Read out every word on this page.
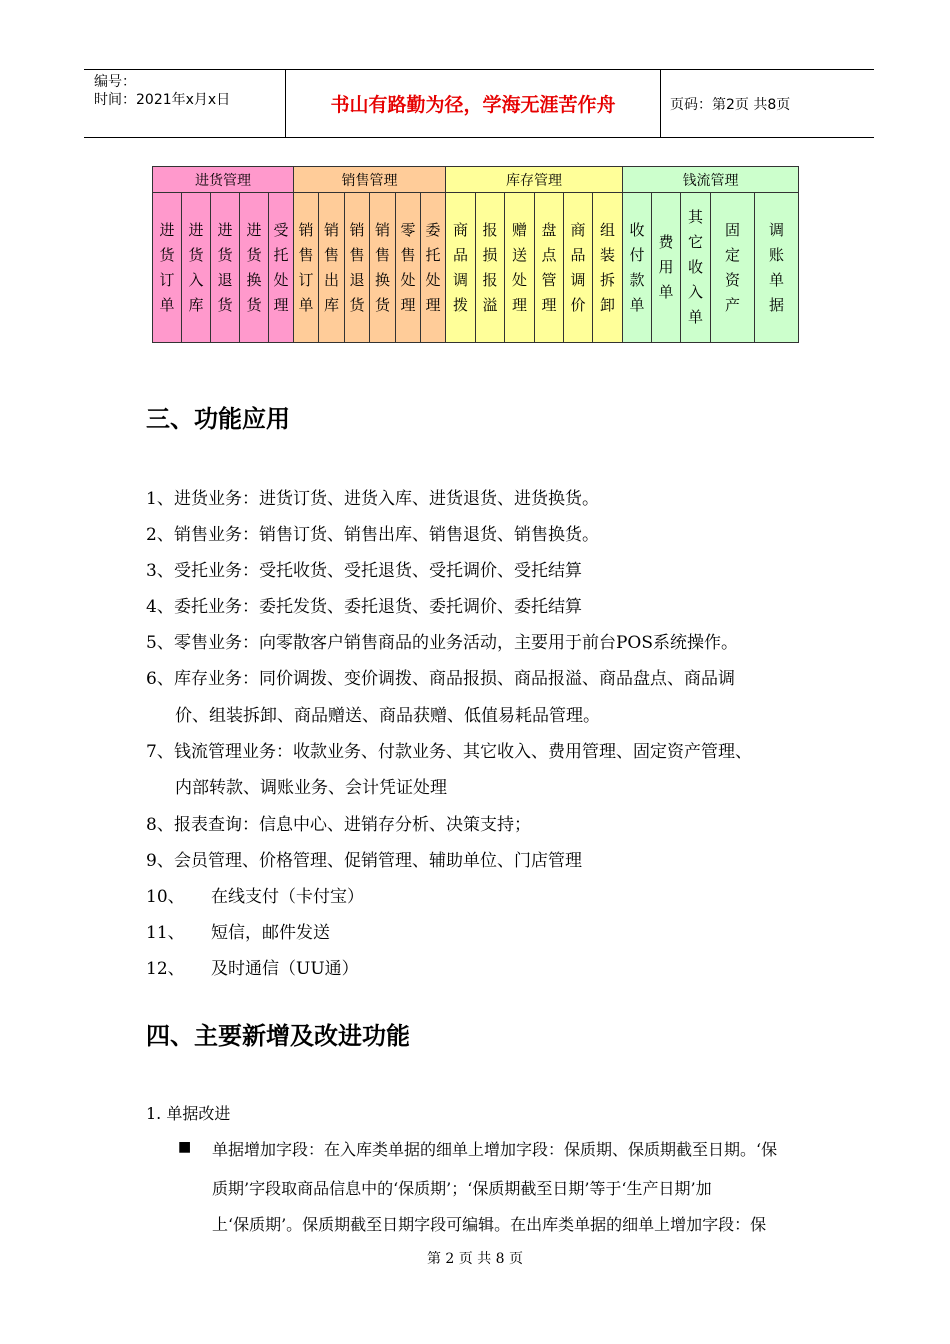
编号：
时间：2021年x月x日	书山有路勤为径，学海无涯苦作舟	页码：第2页 共8页
进货管理					销售管理						库存管理						钱流管理				
进货订单	进货入库	进货退货	进货换货	受托处理	销售订单	销售出库	销售退货	销售换货	零售处理	委托处理	商品调拨	报损报溢	赠送处理	盘点管理	商品调价	组装拆卸	收付款单	费用单	其它收入单	固定资产	调账单据
三、功能应用
1、进货业务：进货订货、进货入库、进货退货、进货换货。
2、销售业务：销售订货、销售出库、销售退货、销售换货。
3、受托业务：受托收货、受托退货、受托调价、受托结算
4、委托业务：委托发货、委托退货、委托调价、委托结算
5、零售业务：向零散客户销售商品的业务活动，主要用于前台POS系统操作。
6、库存业务：同价调拨、变价调拨、商品报损、商品报溢、商品盘点、商品调
价、组装拆卸、商品赠送、商品获赠、低值易耗品管理。
7、钱流管理业务：收款业务、付款业务、其它收入、费用管理、固定资产管理、
内部转款、调账业务、会计凭证处理
8、报表查询：信息中心、进销存分析、决策支持；
9、会员管理、价格管理、促销管理、辅助单位、门店管理
10、 在线支付（卡付宝）
11、 短信，邮件发送
12、 及时通信（UU通）
四、主要新增及改进功能
1. 单据改进
■ 单据增加字段：在入库类单据的细单上增加字段：保质期、保质期截至日期。‘保
质期’字段取商品信息中的‘保质期’；‘保质期截至日期’等于‘生产日期’加
上‘保质期’。保质期截至日期字段可编辑。在出库类单据的细单上增加字段：保
第 2 页 共 8 页
